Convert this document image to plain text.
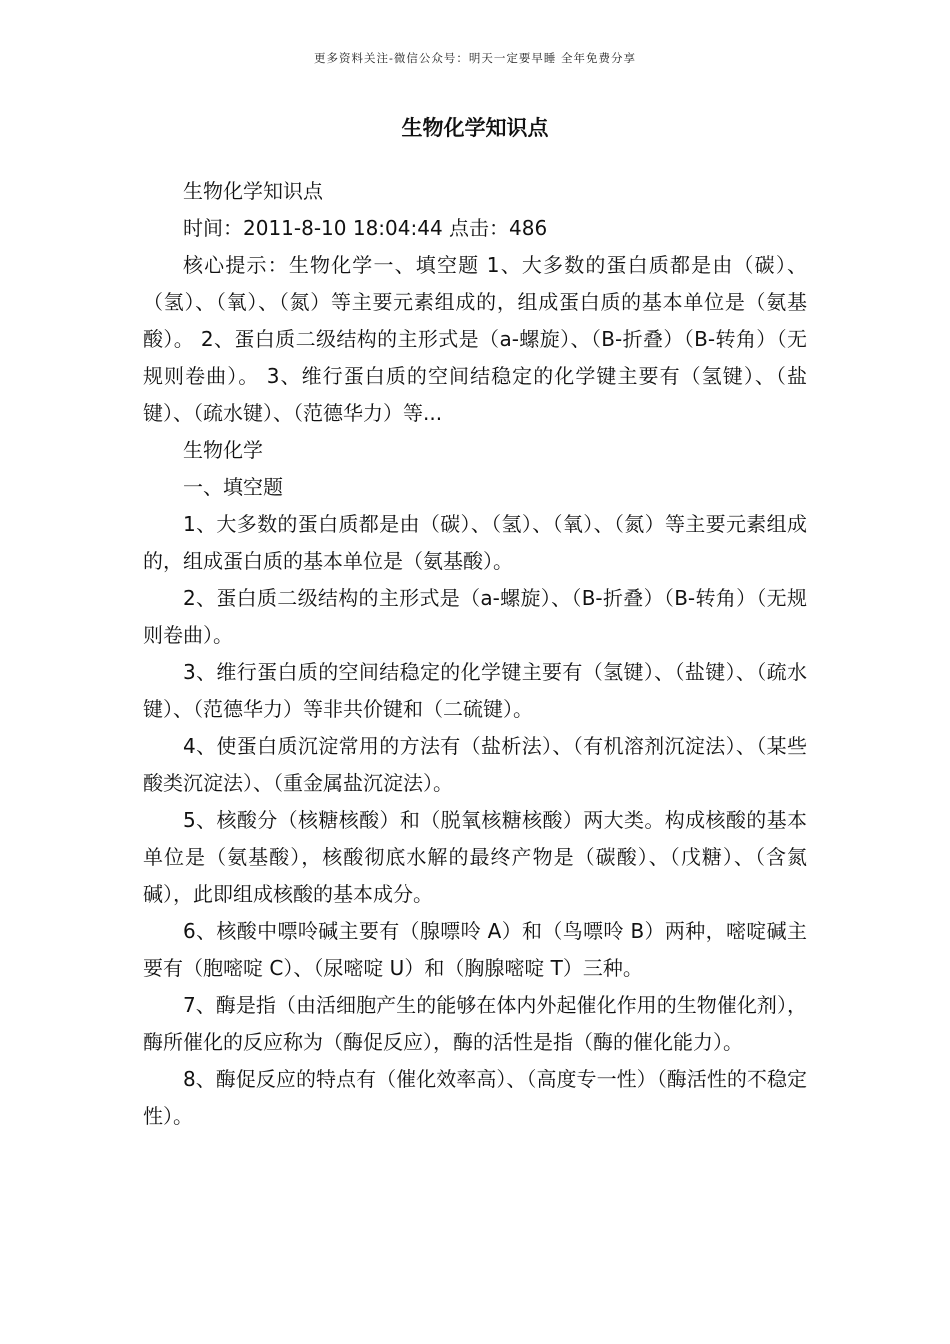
更多资料关注-微信公众号：明天一定要早睡 全年免费分享
生物化学知识点

生物化学知识点

时间：2011-8-10 18:04:44 点击：486

核心提示：生物化学一、填空题 1、大多数的蛋白质都是由（碳）、（氢）、（氧）、（氮）等主要元素组成的，组成蛋白质的基本单位是（氨基酸）。 2、蛋白质二级结构的主形式是（a-螺旋）、（B-折叠）（B-转角）（无规则卷曲）。 3、维行蛋白质的空间结稳定的化学键主要有（氢键）、（盐键）、（疏水键）、（范德华力）等...

生物化学

一、填空题

1、大多数的蛋白质都是由（碳）、（氢）、（氧）、（氮）等主要元素组成的，组成蛋白质的基本单位是（氨基酸）。

2、蛋白质二级结构的主形式是（a-螺旋）、（B-折叠）（B-转角）（无规则卷曲）。

3、维行蛋白质的空间结稳定的化学键主要有（氢键）、（盐键）、（疏水键）、（范德华力）等非共价键和（二硫键）。

4、使蛋白质沉淀常用的方法有（盐析法）、（有机溶剂沉淀法）、（某些酸类沉淀法）、（重金属盐沉淀法）。

5、核酸分（核糖核酸）和（脱氧核糖核酸）两大类。构成核酸的基本单位是（氨基酸），核酸彻底水解的最终产物是（碳酸）、（戊糖）、（含氮碱），此即组成核酸的基本成分。

6、核酸中嘌呤碱主要有（腺嘌呤 A）和（鸟嘌呤 B）两种，嘧啶碱主要有（胞嘧啶 C）、（尿嘧啶 U）和（胸腺嘧啶 T）三种。

7、酶是指（由活细胞产生的能够在体内外起催化作用的生物催化剂），酶所催化的反应称为（酶促反应），酶的活性是指（酶的催化能力）。

8、酶促反应的特点有（催化效率高）、（高度专一性）（酶活性的不稳定性）。
